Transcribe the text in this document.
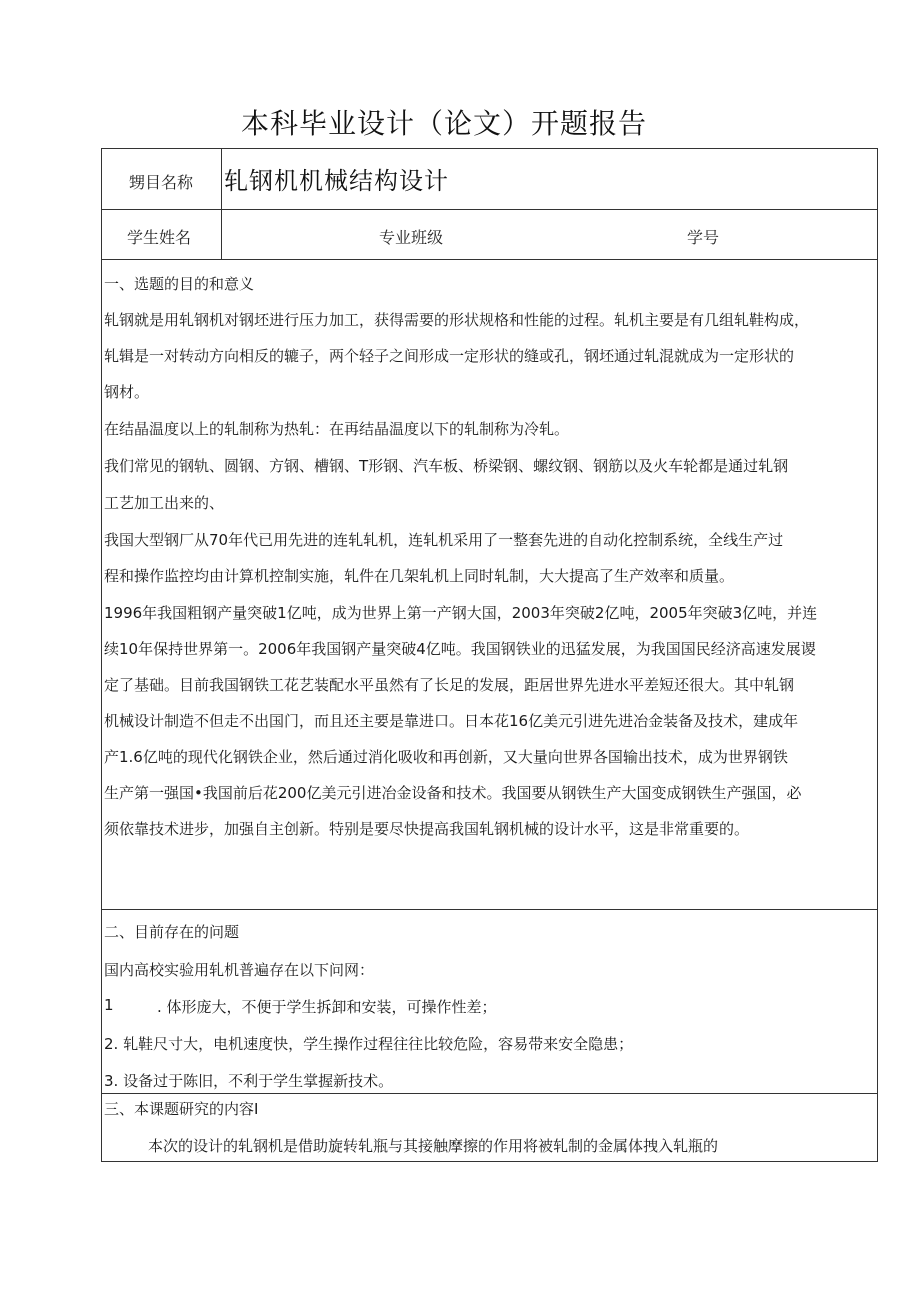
本科毕业设计（论文）开题报告
甥目名称 轧钢机机械结构设计
学生姓名	专业班级	学号
一、选题的目的和意义
轧钢就是用轧钢机对钢坯进行压力加工，获得需要的形状规格和性能的过程。轧机主要是有几组轧鞋构成，
轧辑是一对转动方向相反的辘子，两个轻子之间形成一定形状的缝或孔，钢坯通过轧混就成为一定形状的
钢材。
在结晶温度以上的轧制称为热轧：在再结晶温度以下的轧制称为冷轧。
我们常见的钢轨、圆钢、方钢、槽钢、T形钢、汽车板、桥梁钢、螺纹钢、钢筋以及火车轮都是通过轧钢
工艺加工出来的、
我国大型钢厂从70年代已用先进的连轧轧机，连轧机采用了一整套先进的自动化控制系统，全线生产过
程和操作监控均由计算机控制实施，轧件在几架轧机上同时轧制，大大提高了生产效率和质量。
1996年我国粗钢产量突破1亿吨，成为世界上第一产钢大国，2003年突破2亿吨，2005年突破3亿吨，并连
续10年保持世界第一。2006年我国钢产量突破4亿吨。我国钢铁业的迅猛发展，为我国国民经济高速发展谡
定了基础。目前我国钢铁工花艺装配水平虽然有了长足的发展，距居世界先进水平差短还很大。其中轧钢
机械设计制造不但走不出国门，而且还主要是靠进口。日本花16亿美元引进先进冶金装备及技术，建成年
产1.6亿吨的现代化钢铁企业，然后通过消化吸收和再创新，又大量向世界各国输出技术，成为世界钢铁
生产第一强国•我国前后花200亿美元引进冶金设备和技术。我国要从钢铁生产大国变成钢铁生产强国，必
须依靠技术进步，加强自主创新。特别是要尽快提高我国轧钢机械的设计水平，这是非常重要的。
二、目前存在的问题
国内高校实验用轧机普遍存在以下问网：
1	. 体形庞大，不便于学生拆卸和安装，可操作性差；
2. 轧鞋尺寸大，电机速度快，学生操作过程往往比较危险，容易带来安全隐患；
3. 设备过于陈旧，不利于学生掌握新技术。
三、本课题研究的内容I
本次的设计的轧钢机是借助旋转轧瓶与其接触摩擦的作用将被轧制的金属体拽入轧瓶的
